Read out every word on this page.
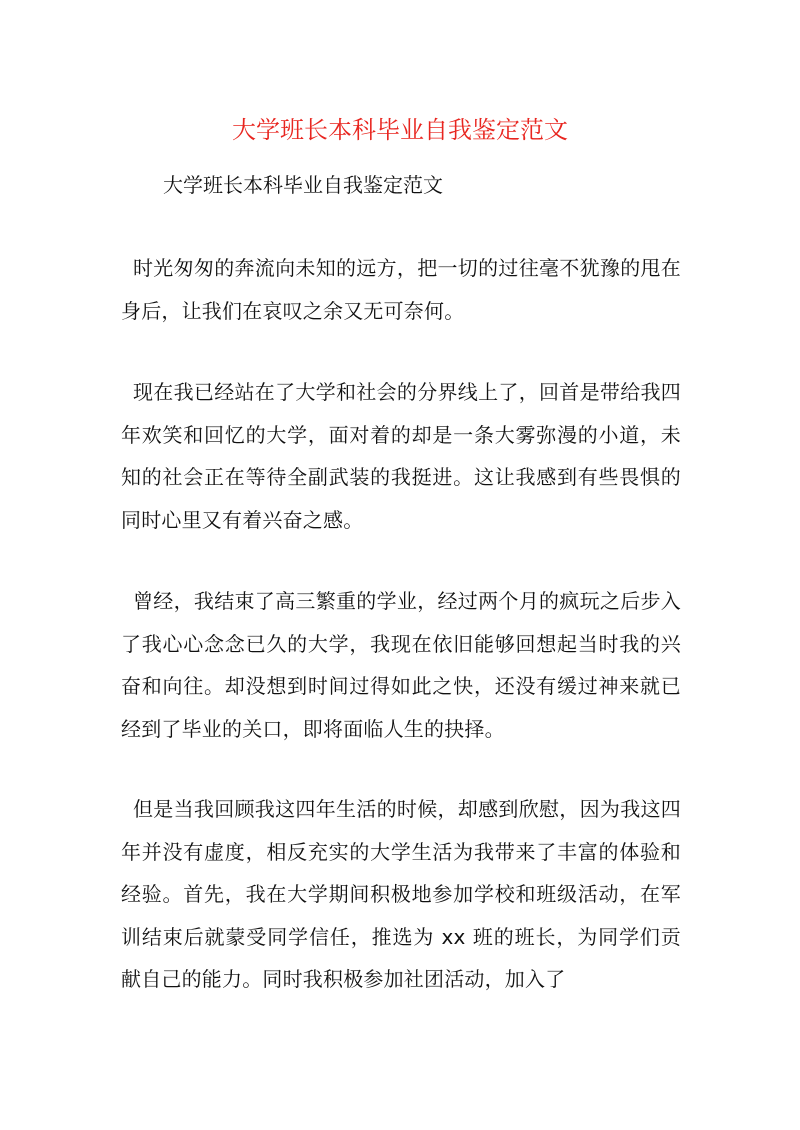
大学班长本科毕业自我鉴定范文

大学班长本科毕业自我鉴定范文

时光匆匆的奔流向未知的远方，把一切的过往毫不犹豫的甩在身后，让我们在哀叹之余又无可奈何。

现在我已经站在了大学和社会的分界线上了，回首是带给我四年欢笑和回忆的大学，面对着的却是一条大雾弥漫的小道，未知的社会正在等待全副武装的我挺进。这让我感到有些畏惧的同时心里又有着兴奋之感。

曾经，我结束了高三繁重的学业，经过两个月的疯玩之后步入了我心心念念已久的大学，我现在依旧能够回想起当时我的兴奋和向往。却没想到时间过得如此之快，还没有缓过神来就已经到了毕业的关口，即将面临人生的抉择。

但是当我回顾我这四年生活的时候，却感到欣慰，因为我这四年并没有虚度，相反充实的大学生活为我带来了丰富的体验和经验。首先，我在大学期间积极地参加学校和班级活动，在军训结束后就蒙受同学信任，推选为 xx 班的班长，为同学们贡献自己的能力。同时我积极参加社团活动，加入了
